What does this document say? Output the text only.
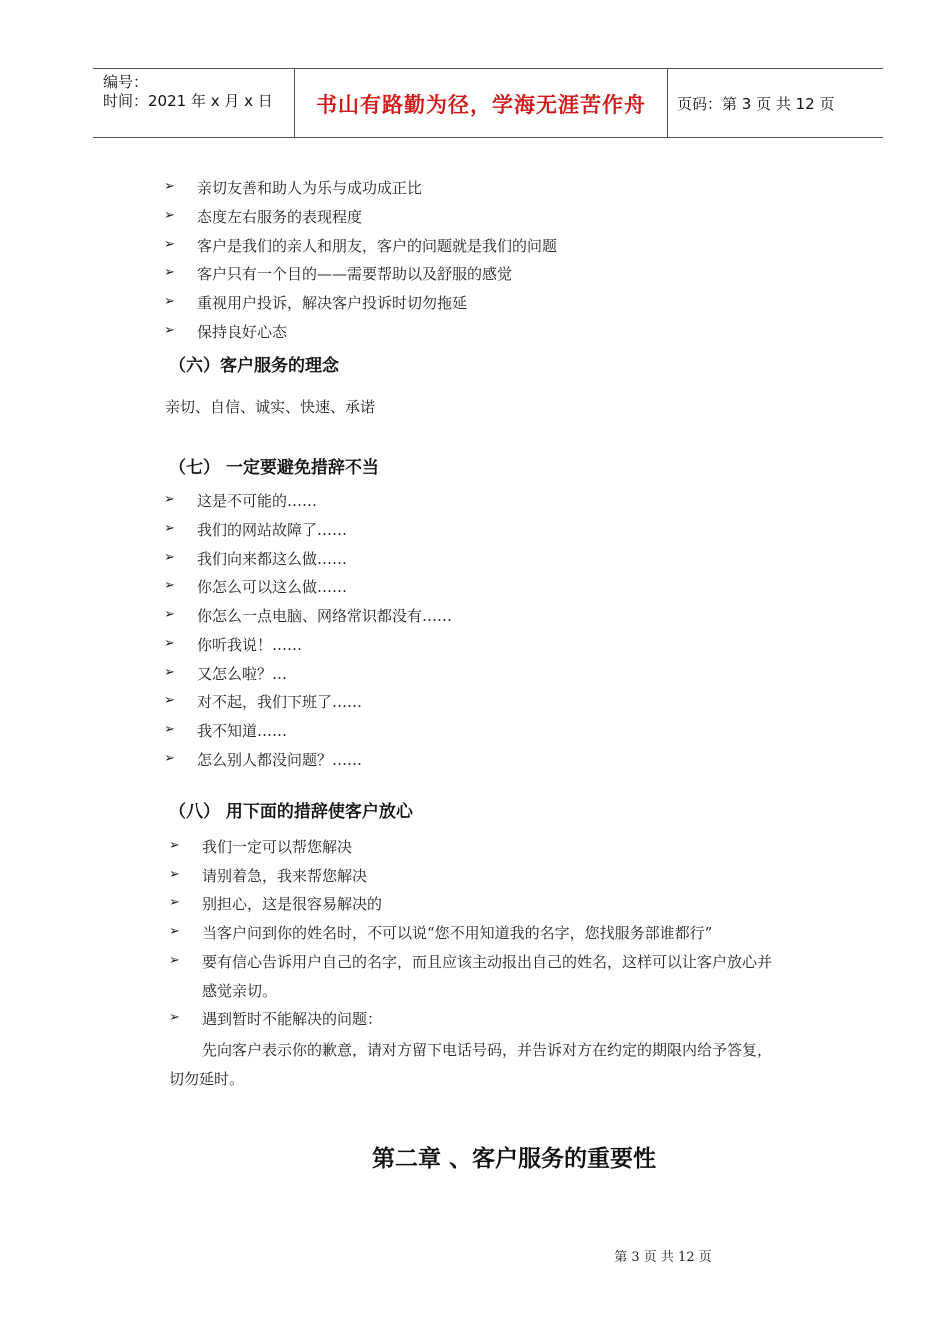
编号：
时间：2021 年 x 月 x 日	书山有路勤为径，学海无涯苦作舟	页码：第 3 页 共 12 页
➢ 亲切友善和助人为乐与成功成正比
➢ 态度左右服务的表现程度
➢ 客户是我们的亲人和朋友，客户的问题就是我们的问题
➢ 客户只有一个目的——需要帮助以及舒服的感觉
➢ 重视用户投诉，解决客户投诉时切勿拖延
➢ 保持良好心态
（六）客户服务的理念
亲切、自信、诚实、快速、承诺
（七） 一定要避免措辞不当
➢ 这是不可能的……
➢ 我们的网站故障了……
➢ 我们向来都这么做……
➢ 你怎么可以这么做……
➢ 你怎么一点电脑、网络常识都没有……
➢ 你听我说！……
➢ 又怎么啦？…
➢ 对不起，我们下班了……
➢ 我不知道……
➢ 怎么别人都没问题？……
（八） 用下面的措辞使客户放心
➢ 我们一定可以帮您解决
➢ 请别着急，我来帮您解决
➢ 别担心，这是很容易解决的
➢ 当客户问到你的姓名时，不可以说“您不用知道我的名字，您找服务部谁都行”
➢ 要有信心告诉用户自己的名字，而且应该主动报出自己的姓名，这样可以让客户放心并
感觉亲切。
➢ 遇到暂时不能解决的问题：
先向客户表示你的歉意，请对方留下电话号码，并告诉对方在约定的期限内给予答复，
切勿延时。
第二章 、客户服务的重要性
第 3 页 共 12 页
